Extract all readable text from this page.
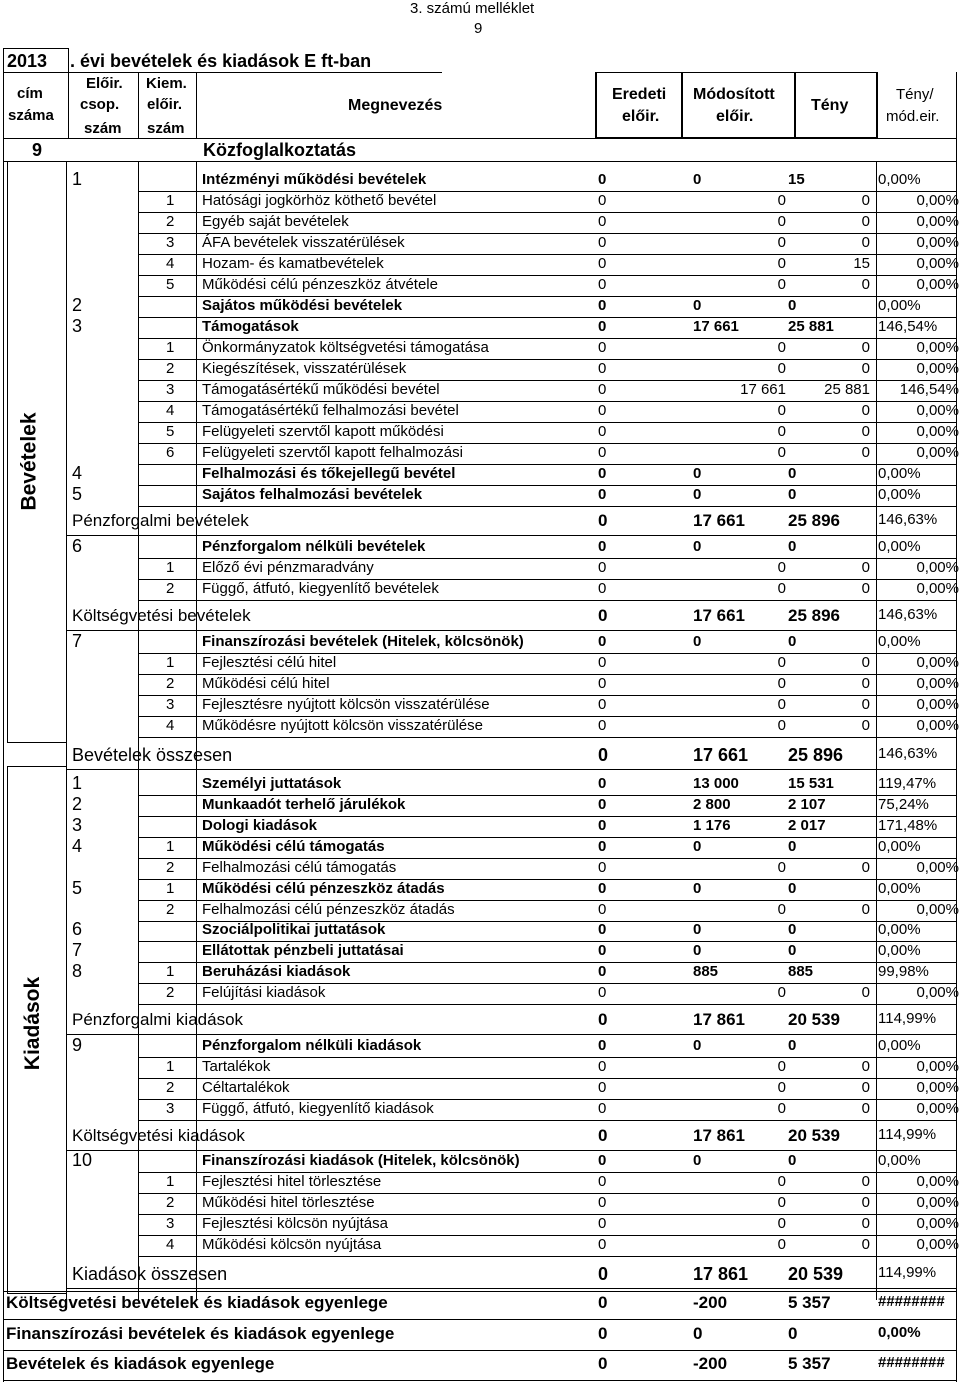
3. számú melléklet
9
2013 . évi bevételek és kiadások E ft-ban
cím
száma
Előir.
csop.
szám
Kiem.
előir.
szám
Megnevezés
Eredeti
előir.
Módosított
előir.
Tény
Tény/
mód.eir.
9	Közfoglalkoztatás
Bevételek
Kiadások
1	Intézményi működési bevételek	0	0	15	0,00%
1 Hatósági jogkörhöz köthető bevétel	0	0	0	0,00%
2 Egyéb saját bevételek	0	0	0	0,00%
3 ÁFA bevételek visszatérülések	0	0	0	0,00%
4 Hozam- és kamatbevételek	0	0	15	0,00%
5 Működési célú pénzeszköz átvétele	0	0	0	0,00%
2	Sajátos működési bevételek	0	0	0	0,00%
3	Támogatások	0	17 661	25 881	146,54%
1 Önkormányzatok költségvetési támogatása	0	0	0	0,00%
2 Kiegészítések, visszatérülések	0	0	0	0,00%
3 Támogatásértékű működési bevétel	0	17 661	25 881	146,54%
4 Támogatásértékű felhalmozási bevétel	0	0	0	0,00%
5 Felügyeleti szervtől kapott működési	0	0	0	0,00%
6 Felügyeleti szervtől kapott felhalmozási	0	0	0	0,00%
4	Felhalmozási és tőkejellegű bevétel	0	0	0	0,00%
5	Sajátos felhalmozási bevételek	0	0	0	0,00%
Pénzforgalmi bevételek	0	17 661	25 896	146,63%
6	Pénzforgalom nélküli bevételek	0	0	0	0,00%
1 Előző évi pénzmaradvány	0	0	0	0,00%
2 Függő, átfutó, kiegyenlítő bevételek	0	0	0	0,00%
Költségvetési bevételek	0	17 661	25 896	146,63%
7	Finanszírozási bevételek (Hitelek, kölcsönök)	0	0	0	0,00%
1 Fejlesztési célú hitel	0	0	0	0,00%
2 Működési célú hitel	0	0	0	0,00%
3 Fejlesztésre nyújtott kölcsön visszatérülése	0	0	0	0,00%
4 Működésre nyújtott kölcsön visszatérülése	0	0	0	0,00%
Bevételek összesen	0	17 661	25 896	146,63%
1	Személyi juttatások	0	13 000	15 531	119,47%
2	Munkaadót terhelő járulékok	0	2 800	2 107	75,24%
3	Dologi kiadások	0	1 176	2 017	171,48%
4	1 Működési célú támogatás	0	0	0	0,00%
2 Felhalmozási célú támogatás	0	0	0	0,00%
5	1 Működési célú pénzeszköz átadás	0	0	0	0,00%
2 Felhalmozási célú pénzeszköz átadás	0	0	0	0,00%
6	Szociálpolitikai juttatások	0	0	0	0,00%
7	Ellátottak pénzbeli juttatásai	0	0	0	0,00%
8	1 Beruházási kiadások	0	885	885	99,98%
2 Felújítási kiadások	0	0	0	0,00%
Pénzforgalmi kiadások	0	17 861	20 539	114,99%
9	Pénzforgalom nélküli kiadások	0	0	0	0,00%
1 Tartalékok	0	0	0	0,00%
2 Céltartalékok	0	0	0	0,00%
3 Függő, átfutó, kiegyenlítő kiadások	0	0	0	0,00%
Költségvetési kiadások	0	17 861	20 539	114,99%
10	Finanszírozási kiadások (Hitelek, kölcsönök)	0	0	0	0,00%
1 Fejlesztési hitel törlesztése	0	0	0	0,00%
2 Működési hitel törlesztése	0	0	0	0,00%
3 Fejlesztési kölcsön nyújtása	0	0	0	0,00%
4 Működési kölcsön nyújtása	0	0	0	0,00%
Kiadások összesen	0	17 861	20 539	114,99%
Költségvetési bevételek és kiadások egyenlege	0	-200	5 357	########
Finanszírozási bevételek és kiadások egyenlege	0	0	0	0,00%
Bevételek és kiadások egyenlege	0	-200	5 357	########
